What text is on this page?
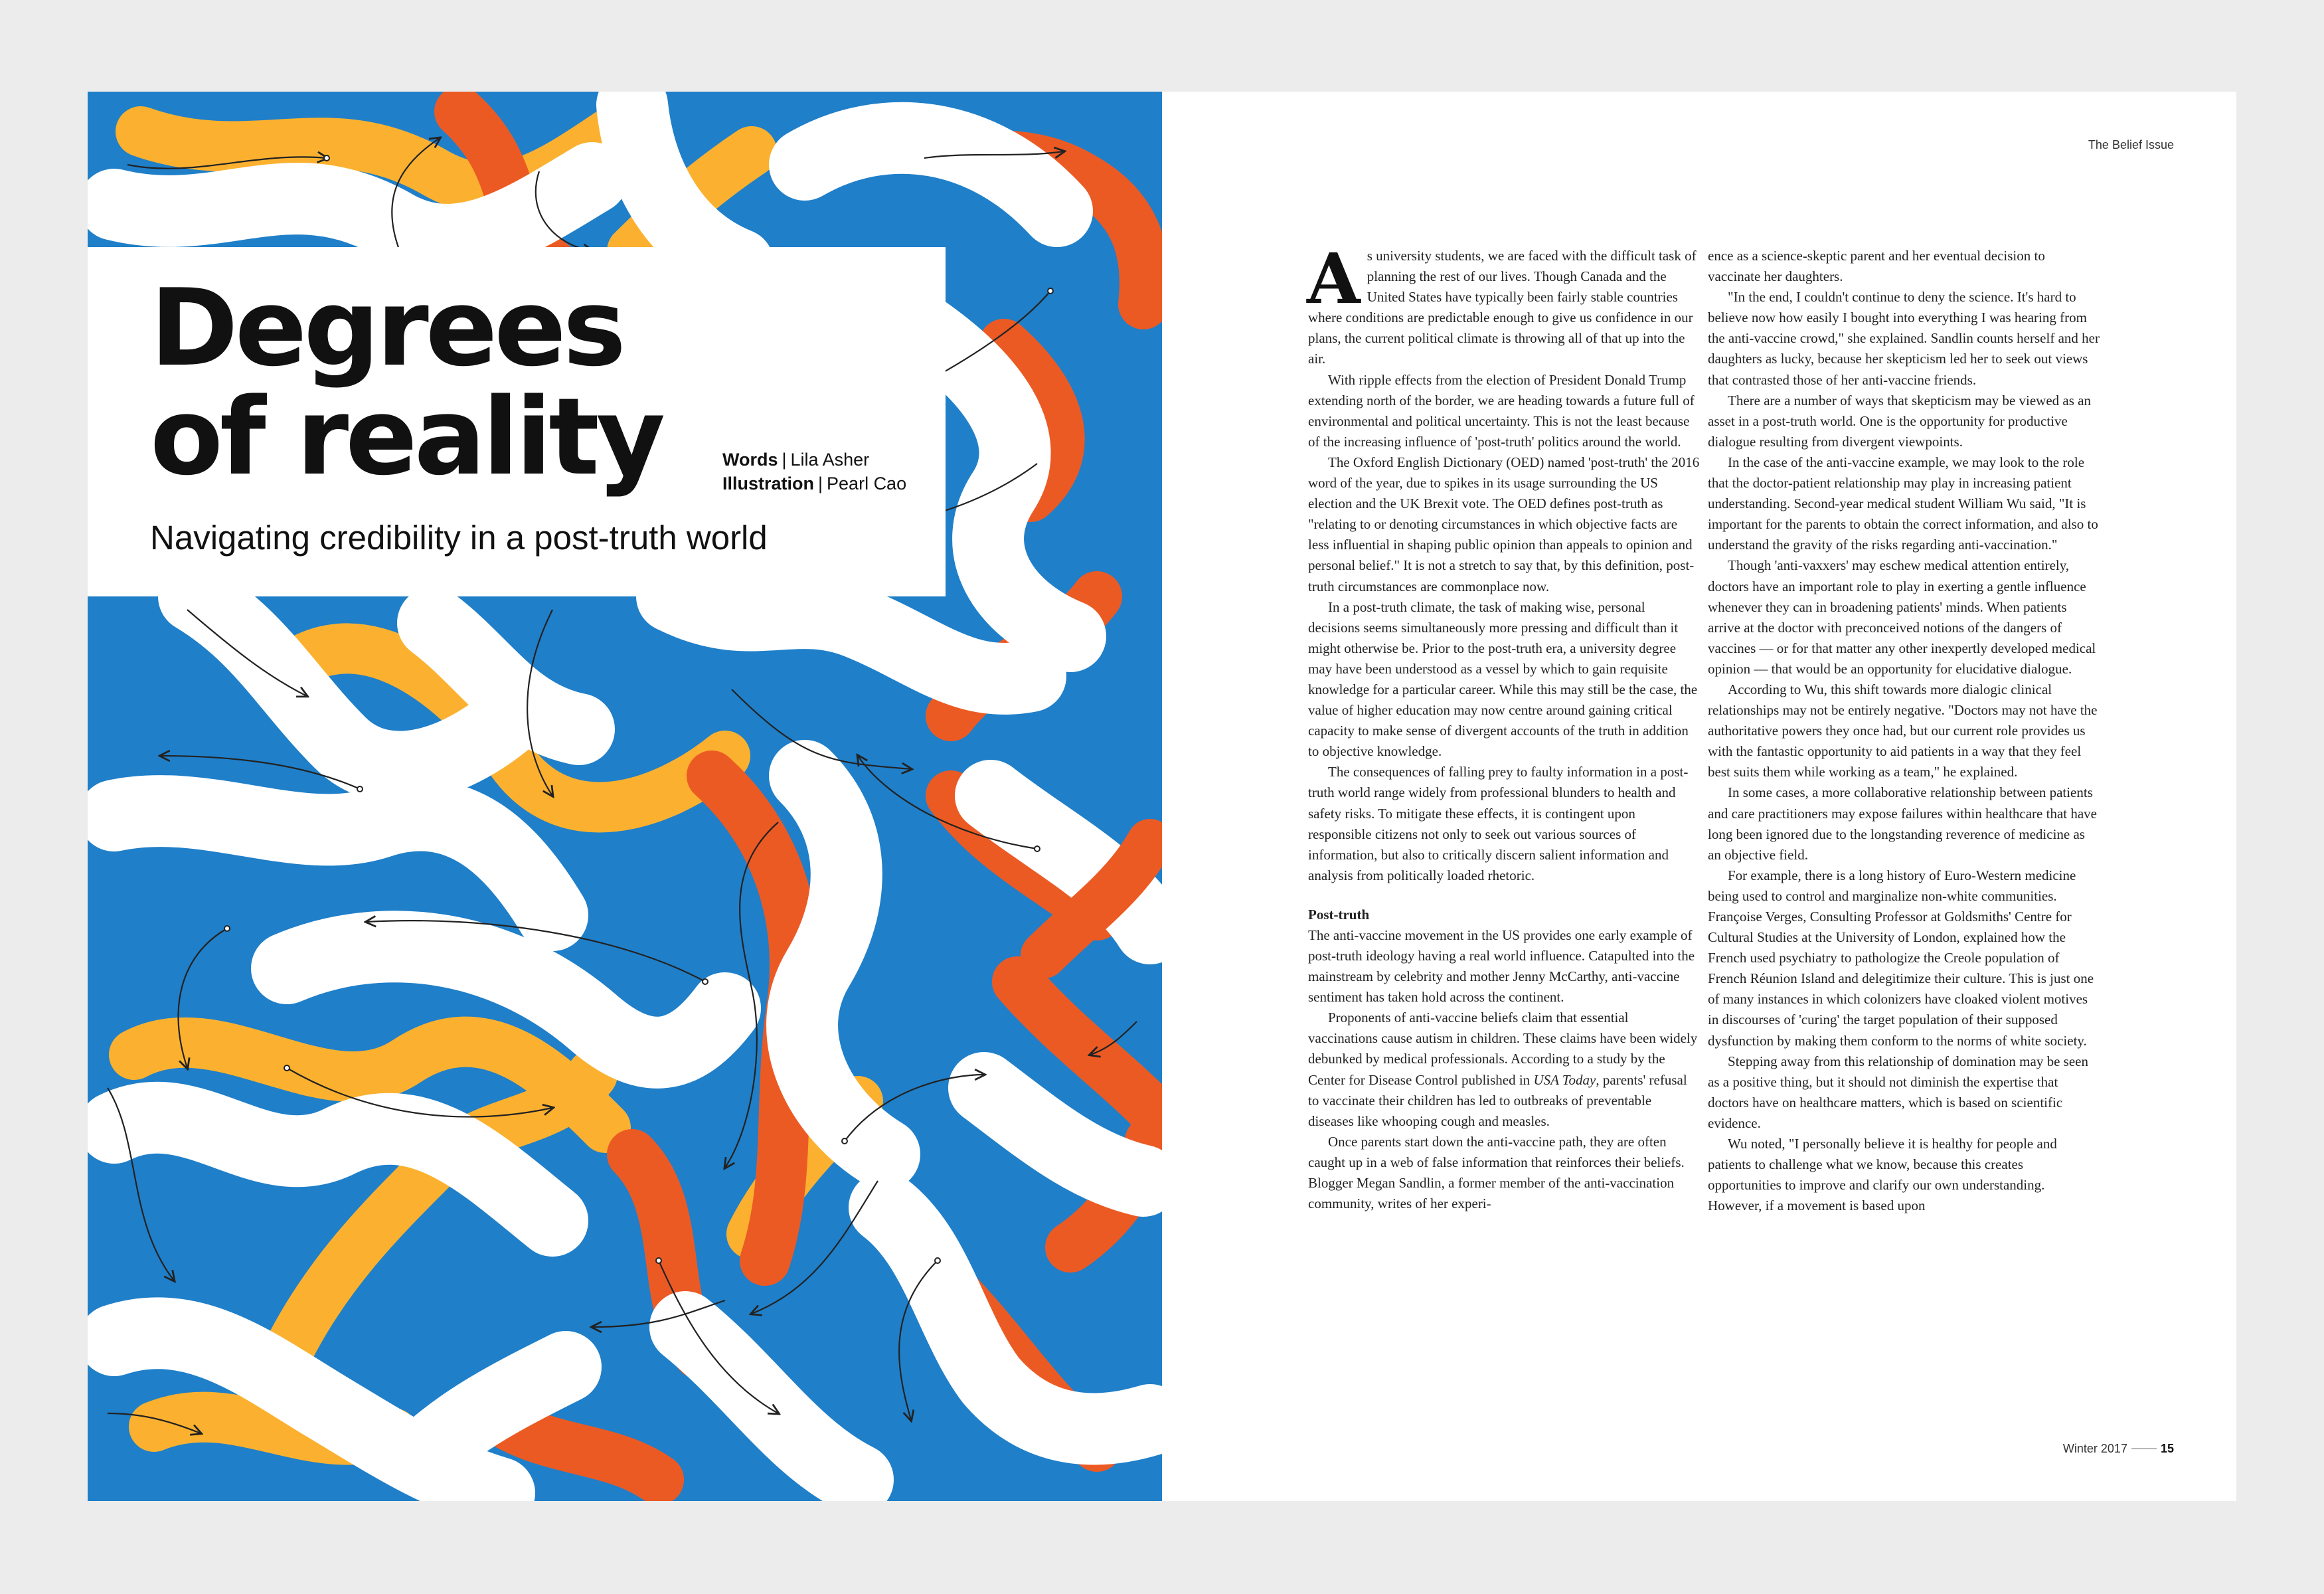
Degrees
of reality	Words | Lila Asher
Illustration | Pearl Cao

Navigating credibility in a post-truth world

The Belief Issue

As university students, we are faced with the difficult task of planning the rest of our lives. Though Canada and the United States have typically been fairly stable countries where conditions are predictable enough to give us confidence in our plans, the current political climate is throwing all of that up into the air.

With ripple effects from the election of President Donald Trump extending north of the border, we are heading towards a future full of environmental and political uncertainty. This is not the least because of the increasing influence of 'post-truth' politics around the world.

The Oxford English Dictionary (OED) named 'post-truth' the 2016 word of the year, due to spikes in its usage surrounding the US election and the UK Brexit vote. The OED defines post-truth as "relating to or denoting circumstances in which objective facts are less influential in shaping public opinion than appeals to opinion and personal belief." It is not a stretch to say that, by this definition, post-truth circumstances are commonplace now.

In a post-truth climate, the task of making wise, personal decisions seems simultaneously more pressing and difficult than it might otherwise be. Prior to the post-truth era, a university degree may have been understood as a vessel by which to gain requisite knowledge for a particular career. While this may still be the case, the value of higher education may now centre around gaining critical capacity to make sense of divergent accounts of the truth in addition to objective knowledge.

The consequences of falling prey to faulty information in a post-truth world range widely from professional blunders to health and safety risks. To mitigate these effects, it is contingent upon responsible citizens not only to seek out various sources of information, but also to critically discern salient information and analysis from politically loaded rhetoric.

Post-truth

The anti-vaccine movement in the US provides one early example of post-truth ideology having a real world influence. Catapulted into the mainstream by celebrity and mother Jenny McCarthy, anti-vaccine sentiment has taken hold across the continent.

Proponents of anti-vaccine beliefs claim that essential vaccinations cause autism in children. These claims have been widely debunked by medical professionals. According to a study by the Center for Disease Control published in USA Today, parents' refusal to vaccinate their children has led to outbreaks of preventable diseases like whooping cough and measles.

Once parents start down the anti-vaccine path, they are often caught up in a web of false information that reinforces their beliefs. Blogger Megan Sandlin, a former member of the anti-vaccination community, writes of her experi-

ence as a science-skeptic parent and her eventual decision to vaccinate her daughters.

"In the end, I couldn't continue to deny the science. It's hard to believe now how easily I bought into everything I was hearing from the anti-vaccine crowd," she explained. Sandlin counts herself and her daughters as lucky, because her skepticism led her to seek out views that contrasted those of her anti-vaccine friends.

There are a number of ways that skepticism may be viewed as an asset in a post-truth world. One is the opportunity for productive dialogue resulting from divergent viewpoints.

In the case of the anti-vaccine example, we may look to the role that the doctor-patient relationship may play in increasing patient understanding. Second-year medical student William Wu said, "It is important for the parents to obtain the correct information, and also to understand the gravity of the risks regarding anti-vaccination."

Though 'anti-vaxxers' may eschew medical attention entirely, doctors have an important role to play in exerting a gentle influence whenever they can in broadening patients' minds. When patients arrive at the doctor with preconceived notions of the dangers of vaccines — or for that matter any other inexpertly developed medical opinion — that would be an opportunity for elucidative dialogue.

According to Wu, this shift towards more dialogic clinical relationships may not be entirely negative. "Doctors may not have the authoritative powers they once had, but our current role provides us with the fantastic opportunity to aid patients in a way that they feel best suits them while working as a team," he explained.

In some cases, a more collaborative relationship between patients and care practitioners may expose failures within healthcare that have long been ignored due to the longstanding reverence of medicine as an objective field.

For example, there is a long history of Euro-Western medicine being used to control and marginalize non-white communities. Françoise Verges, Consulting Professor at Goldsmiths' Centre for Cultural Studies at the University of London, explained how the French used psychiatry to pathologize the Creole population of French Réunion Island and delegitimize their culture. This is just one of many instances in which colonizers have cloaked violent motives in discourses of 'curing' the target population of their supposed dysfunction by making them conform to the norms of white society.

Stepping away from this relationship of domination may be seen as a positive thing, but it should not diminish the expertise that doctors have on healthcare matters, which is based on scientific evidence.

Wu noted, "I personally believe it is healthy for people and patients to challenge what we know, because this creates opportunities to improve and clarify our own understanding. However, if a movement is based upon

Winter 2017	15
